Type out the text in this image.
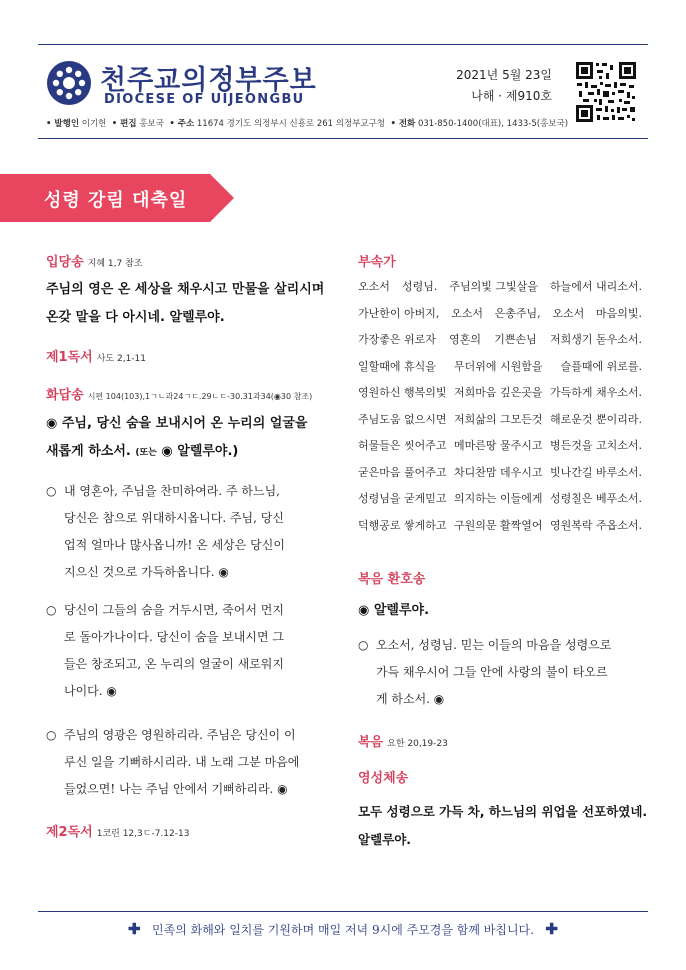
천주교의정부주보
DIOCESE OF UIJEONGBU
2021년 5월 23일
나해 · 제910호
• 발행인 이기헌 • 편집 홍보국 • 주소 11674 경기도 의정부시 신흥로 261 의정부교구청 • 전화 031-850-1400(대표), 1433-5(홍보국)
성령 강림 대축일
입당송 지혜 1,7 참조
주님의 영은 온 세상을 채우시고 만물을 살리시며
온갖 말을 다 아시네. 알렐루야.
제1독서 사도 2,1-11
화답송 시편 104(103),1ㄱㄴ과24ㄱㄷ.29ㄴㄷ-30.31과34(◉30 참조)
◉ 주님, 당신 숨을 보내시어 온 누리의 얼굴을
새롭게 하소서. (또는 ◉ 알렐루야.)
○ 내 영혼아, 주님을 찬미하여라. 주 하느님,
당신은 참으로 위대하시옵니다. 주님, 당신
업적 얼마나 많사옵니까! 온 세상은 당신이
지으신 것으로 가득하옵니다. ◉
○ 당신이 그들의 숨을 거두시면, 죽어서 먼지
로 돌아가나이다. 당신이 숨을 보내시면 그
들은 창조되고, 온 누리의 얼굴이 새로워지
나이다. ◉
○ 주님의 영광은 영원하리라. 주님은 당신이 이
루신 일을 기뻐하시리라. 내 노래 그분 마음에
들었으면! 나는 주님 안에서 기뻐하리라. ◉
제2독서 1코린 12,3ㄷ-7.12-13
부속가
오소서 성령님. 주님의빛 그빛살을 하늘에서 내리소서.
가난한이 아버지, 오소서 은총주님, 오소서 마음의빛.
가장좋은 위로자 영혼의 기쁜손님 저희생기 돋우소서.
일할때에 휴식을 무더위에 시원함을 슬플때에 위로를.
영원하신 행복의빛 저희마음 깊은곳을 가득하게 채우소서.
주님도움 없으시면 저희삶의 그모든것 해로운것 뿐이리라.
허물들은 씻어주고 메마른땅 물주시고 병든것을 고치소서.
굳은마음 풀어주고 차디찬맘 데우시고 빗나간길 바루소서.
성령님을 굳게믿고 의지하는 이들에게 성령칠은 베푸소서.
덕행공로 쌓게하고 구원의문 활짝열어 영원복락 주옵소서.
복음 환호송
◉ 알렐루야.
○ 오소서, 성령님. 믿는 이들의 마음을 성령으로
가득 채우시어 그들 안에 사랑의 불이 타오르
게 하소서. ◉
복음 요한 20,19-23
영성체송
모두 성령으로 가득 차, 하느님의 위업을 선포하였네.
알렐루야.
✚ 민족의 화해와 일치를 기원하며 매일 저녁 9시에 주모경을 함께 바칩니다. ✚
